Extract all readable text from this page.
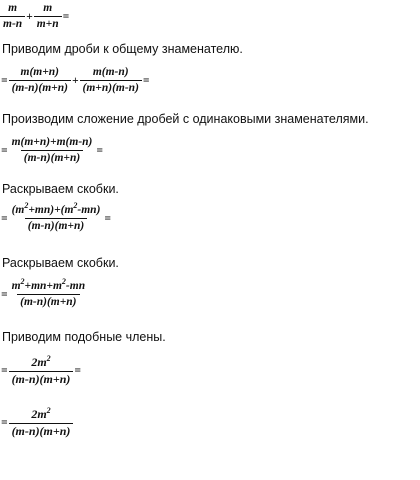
$\frac{m}{m-n} + \frac{m}{m+n}$ =
Приводим дроби к общему знаменателю.
= $\frac{m(m+n)}{(m-n)(m+n)} + \frac{m(m-n)}{(m+n)(m-n)}$ =
Производим сложение дробей с одинаковыми знаменателями.
= $\frac{m(m+n)+m(m-n)}{(m-n)(m+n)}$ =
Раскрываем скобки.
= $\frac{(m^2+mn)+(m^2-mn)}{(m-n)(m+n)}$ =
Раскрываем скобки.
= $\frac{m^2+mn+m^2-mn}{(m-n)(m+n)}$
Приводим подобные члены.
= $\frac{2m^2}{(m-n)(m+n)}$ =
= $\frac{2m^2}{(m-n)(m+n)}$
